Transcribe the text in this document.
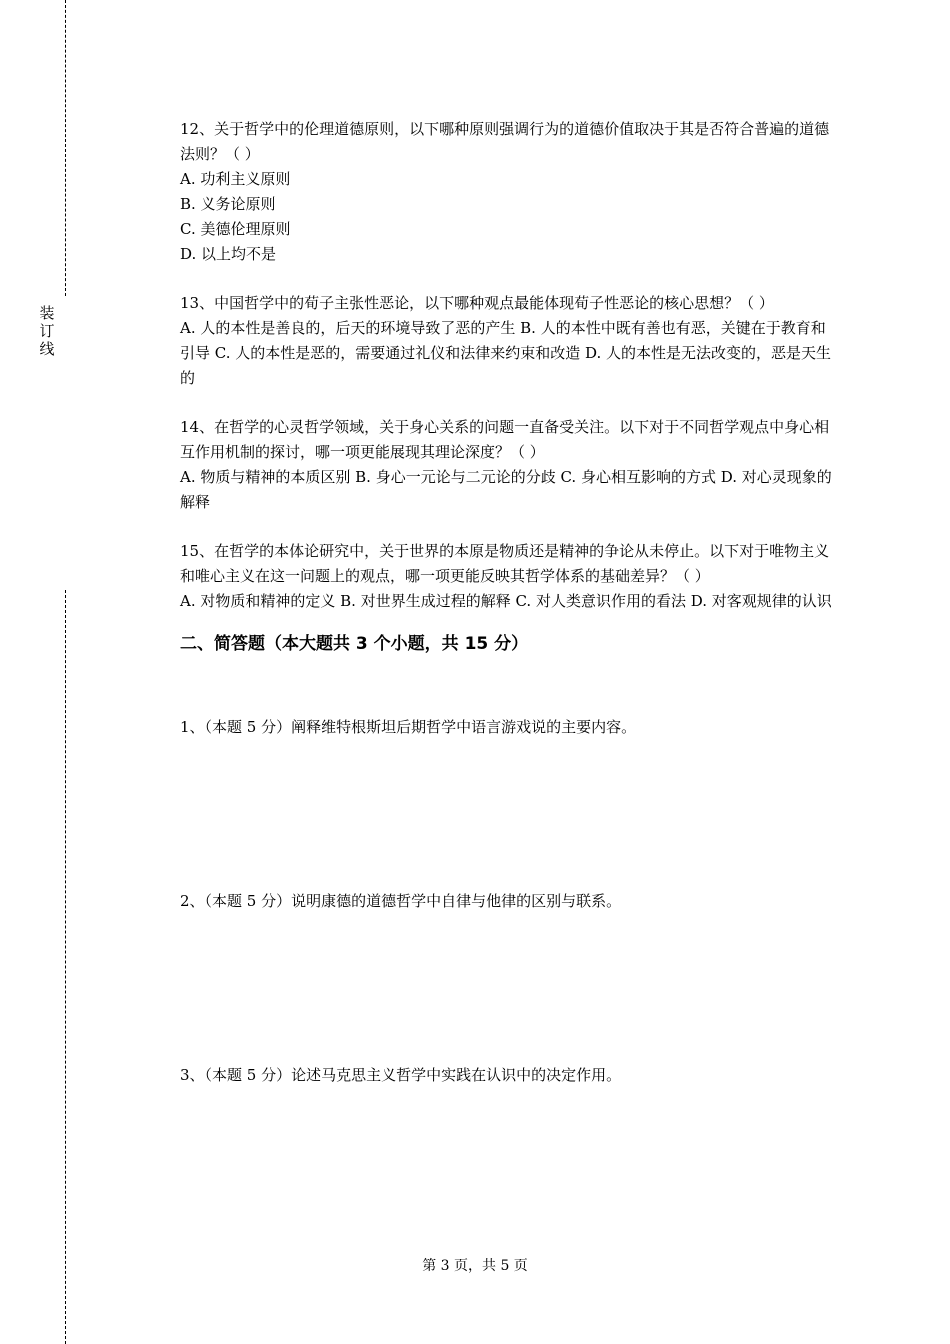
装
订
线

12、关于哲学中的伦理道德原则，以下哪种原则强调行为的道德价值取决于其是否符合普遍的道德法则？（ ）

A. 功利主义原则

B. 义务论原则

C. 美德伦理原则

D. 以上均不是

13、中国哲学中的荀子主张性恶论，以下哪种观点最能体现荀子性恶论的核心思想？（ ）

A. 人的本性是善良的，后天的环境导致了恶的产生 B. 人的本性中既有善也有恶，关键在于教育和引导 C. 人的本性是恶的，需要通过礼仪和法律来约束和改造 D. 人的本性是无法改变的，恶是天生的

14、在哲学的心灵哲学领域，关于身心关系的问题一直备受关注。以下对于不同哲学观点中身心相互作用机制的探讨，哪一项更能展现其理论深度？（ ）

A. 物质与精神的本质区别 B. 身心一元论与二元论的分歧 C. 身心相互影响的方式 D. 对心灵现象的解释

15、在哲学的本体论研究中，关于世界的本原是物质还是精神的争论从未停止。以下对于唯物主义和唯心主义在这一问题上的观点，哪一项更能反映其哲学体系的基础差异？（ ）

A. 对物质和精神的定义 B. 对世界生成过程的解释 C. 对人类意识作用的看法 D. 对客观规律的认识

二、简答题（本大题共 3 个小题，共 15 分）

1、（本题 5 分）阐释维特根斯坦后期哲学中语言游戏说的主要内容。

2、（本题 5 分）说明康德的道德哲学中自律与他律的区别与联系。

3、（本题 5 分）论述马克思主义哲学中实践在认识中的决定作用。

第 3 页，共 5 页
